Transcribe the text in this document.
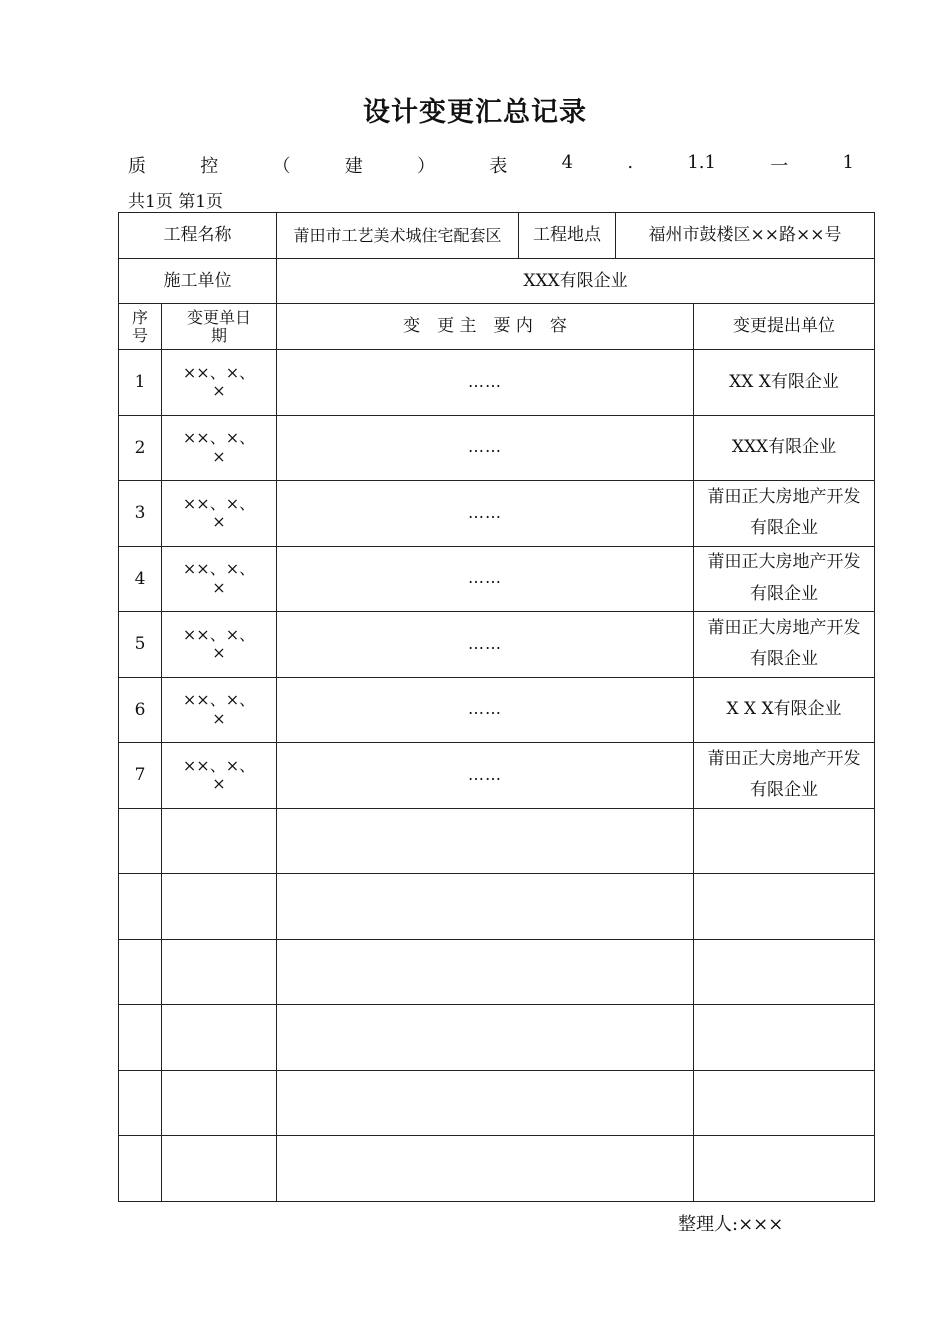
设计变更汇总记录
质	控	（	建	）	表	4	.	1.1	一	1
共1页 第1页
工程名称		莆田市工艺美术城住宅配套区	工程地点	福州市鼓楼区××路××号	
施工单位		XXX有限企业			
序号	变更单日 期	变　更 主　要 内　容			变更提出单位
1	××、×、×	……			XX X有限企业
2	××、×、×	……			XXX有限企业
3	××、×、×	……			莆田正大房地产开发有限企业
4	××、×、×	……			莆田正大房地产开发有限企业
5	××、×、×	……			莆田正大房地产开发有限企业
6	××、×、×	……			X X X有限企业
7	××、×、×	……			莆田正大房地产开发有限企业

整理人:×××
